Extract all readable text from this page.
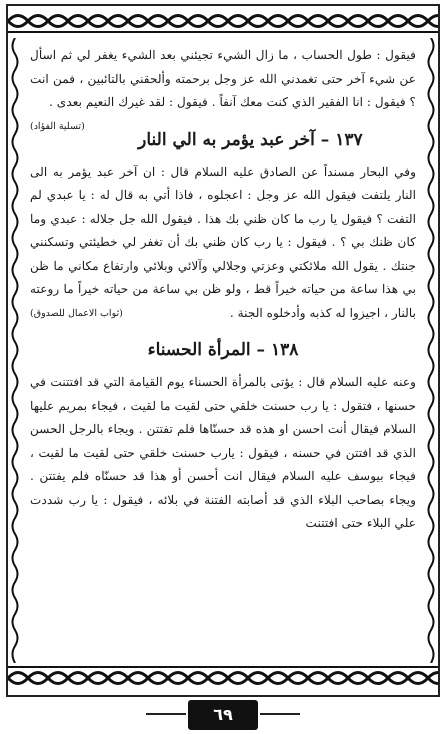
فيقول : طول الحساب ، ما زال الشيء تجيئني بعد الشيء يغفر لي ثم اسأل عن شيء آخر حتى تغمدني الله عز وجل برحمته وألحقني بالتائبين ، فمن انت ؟ فيقول : انا الفقير الذي كنت معك آنفاً . فيقول : لقد غيرك النعيم بعدى .
(تسلية الفؤاد)

١٣٧ – آخر عبد يؤمر به الي النار

وفي البحار مسنداً عن الصادق عليه السلام قال : ان آخر عبد يؤمر به الى النار يلتفت فيقول الله عز وجل : اعجلوه ، فاذا أتي به قال له : يا عبدي لم التفت ؟ فيقول يا رب ما كان ظني بك هذا . فيقول الله جل جلاله : عبدي وما كان ظنك بي ؟ . فيقول : يا رب كان ظني بك أن تغفر لي خطيئتي وتسكنني جنتك . يقول الله ملائكتي وعزتي وجلالي وآلائي وبلائي وارتفاع مكاني ما ظن بي هذا ساعة من حياته خيراً قط ، ولو ظن بي ساعة من حياته خيراً ما روعته بالنار ، اجيزوا له كذبه وأدخلوه الجنة .
(ثواب الاعمال للصدوق)

١٣٨ – المرأة الحسناء

وعنه عليه السلام قال : يؤتى بالمرأة الحسناء يوم القيامة التي قد افتتنت في حسنها ، فتقول : يا رب حسنت خلقي حتى لقيت ما لقيت ، فيجاء بمريم عليها السلام فيقال أنت احسن او هذه قد حسنّاها فلم تفتتن . ويجاء بالرجل الحسن الذي قد افتتن في حسنه ، فيقول : يارب حسنت خلقي حتى لقيت ما لقيت ، فيجاء بيوسف عليه السلام فيقال انت أحسن أو هذا قد حسنّاه فلم يفتتن . ويجاء بصاحب البلاء الذي قد أصابته الفتنة في بلائه ، فيقول : يا رب شددت علي البلاء حتى افتتنت

٦٩
